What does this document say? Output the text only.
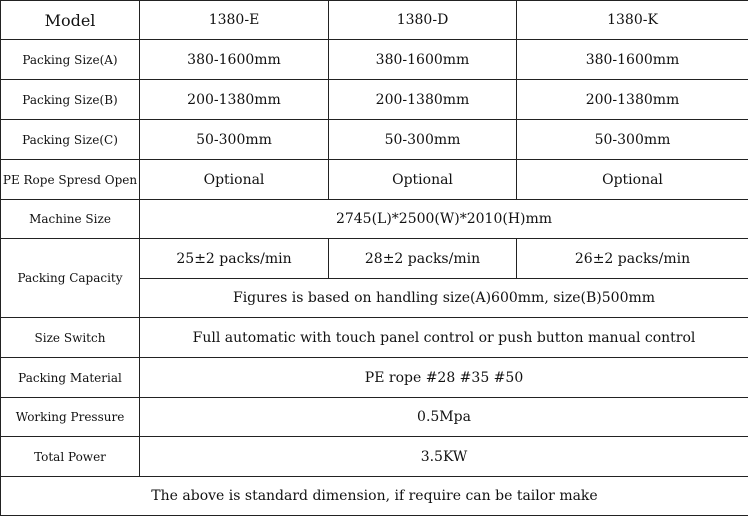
Model	1380-E	1380-D	1380-K
Packing Size(A)	380-1600mm	380-1600mm	380-1600mm
Packing Size(B)	200-1380mm	200-1380mm	200-1380mm
Packing Size(C)	50-300mm	50-300mm	50-300mm
PE Rope Spresd Open	Optional	Optional	Optional
Machine Size	2745(L)*2500(W)*2010(H)mm		
Packing Capacity	25±2 packs/min	28±2 packs/min	26±2 packs/min
	Figures is based on handling size(A)600mm, size(B)500mm		
Size Switch	Full automatic with touch panel control or push button manual control		
Packing Material	PE rope #28 #35 #50		
Working Pressure	0.5Mpa		
Total Power	3.5KW		
The above is standard dimension, if require can be tailor make			
